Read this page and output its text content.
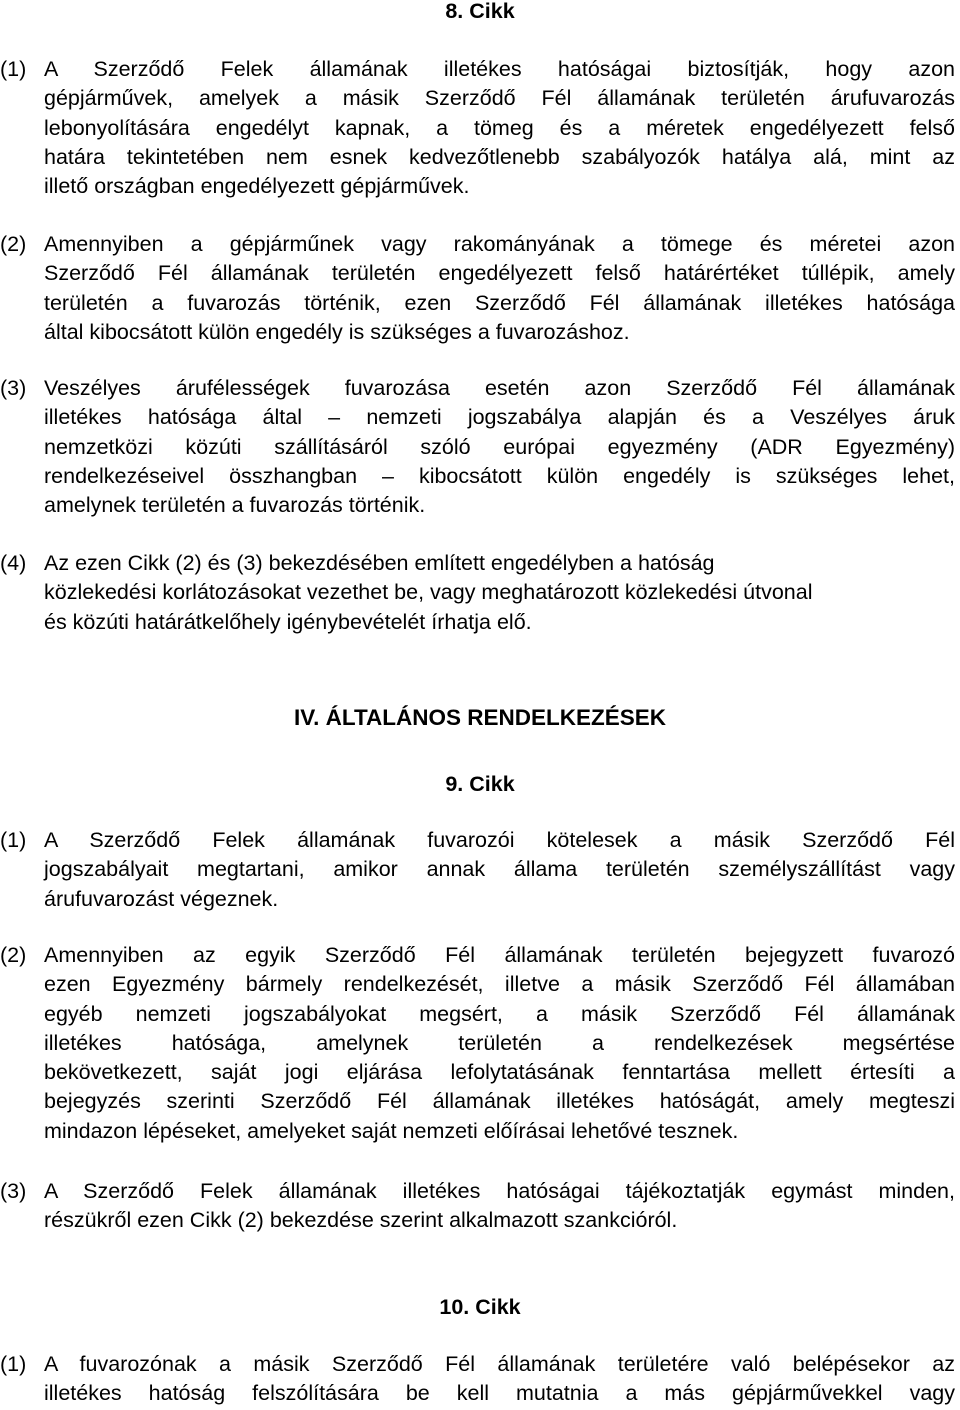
8. Cikk
(1) A Szerződő Felek államának illetékes hatóságai biztosítják, hogy azon
gépjárművek, amelyek a másik Szerződő Fél államának területén árufuvarozás
lebonyolítására engedélyt kapnak, a tömeg és a méretek engedélyezett felső
határa tekintetében nem esnek kedvezőtlenebb szabályozók hatálya alá, mint az
illető országban engedélyezett gépjárművek.
(2) Amennyiben a gépjárműnek vagy rakományának a tömege és méretei azon
Szerződő Fél államának területén engedélyezett felső határértéket túllépik, amely
területén a fuvarozás történik, ezen Szerződő Fél államának illetékes hatósága
által kibocsátott külön engedély is szükséges a fuvarozáshoz.
(3) Veszélyes árufélességek fuvarozása esetén azon Szerződő Fél államának
illetékes hatósága által – nemzeti jogszabálya alapján és a Veszélyes áruk
nemzetközi közúti szállításáról szóló európai egyezmény (ADR Egyezmény)
rendelkezéseivel összhangban – kibocsátott külön engedély is szükséges lehet,
amelynek területén a fuvarozás történik.
(4) Az ezen Cikk (2) és (3) bekezdésében említett engedélyben a hatóság
közlekedési korlátozásokat vezethet be, vagy meghatározott közlekedési útvonal
és közúti határátkelőhely igénybevételét írhatja elő.
IV. ÁLTALÁNOS RENDELKEZÉSEK
9. Cikk
(1) A Szerződő Felek államának fuvarozói kötelesek a másik Szerződő Fél
jogszabályait megtartani, amikor annak államа területén személyszállítást vagy
árufuvarozást végeznek.
(2) Amennyiben az egyik Szerződő Fél államának területén bejegyzett fuvarozó
ezen Egyezmény bármely rendelkezését, illetve a másik Szerződő Fél államában
egyéb nemzeti jogszabályokat megsért, a másik Szerződő Fél államának
illetékes hatósága, amelynek területén a rendelkezések megsértése
bekövetkezett, saját jogi eljárása lefolytatásának fenntartása mellett értesíti a
bejegyzés szerinti Szerződő Fél államának illetékes hatóságát, amely megteszi
mindazon lépéseket, amelyeket saját nemzeti előírásai lehetővé tesznek.
(3) A Szerződő Felek államának illetékes hatóságai tájékoztatják egymást minden,
részükről ezen Cikk (2) bekezdése szerint alkalmazott szankcióról.
10. Cikk
(1) A fuvarozónak a másik Szerződő Fél államának területére való belépésekor az
illetékes hatóság felszólítására be kell mutatnia a más gépjárművekkel vagy
